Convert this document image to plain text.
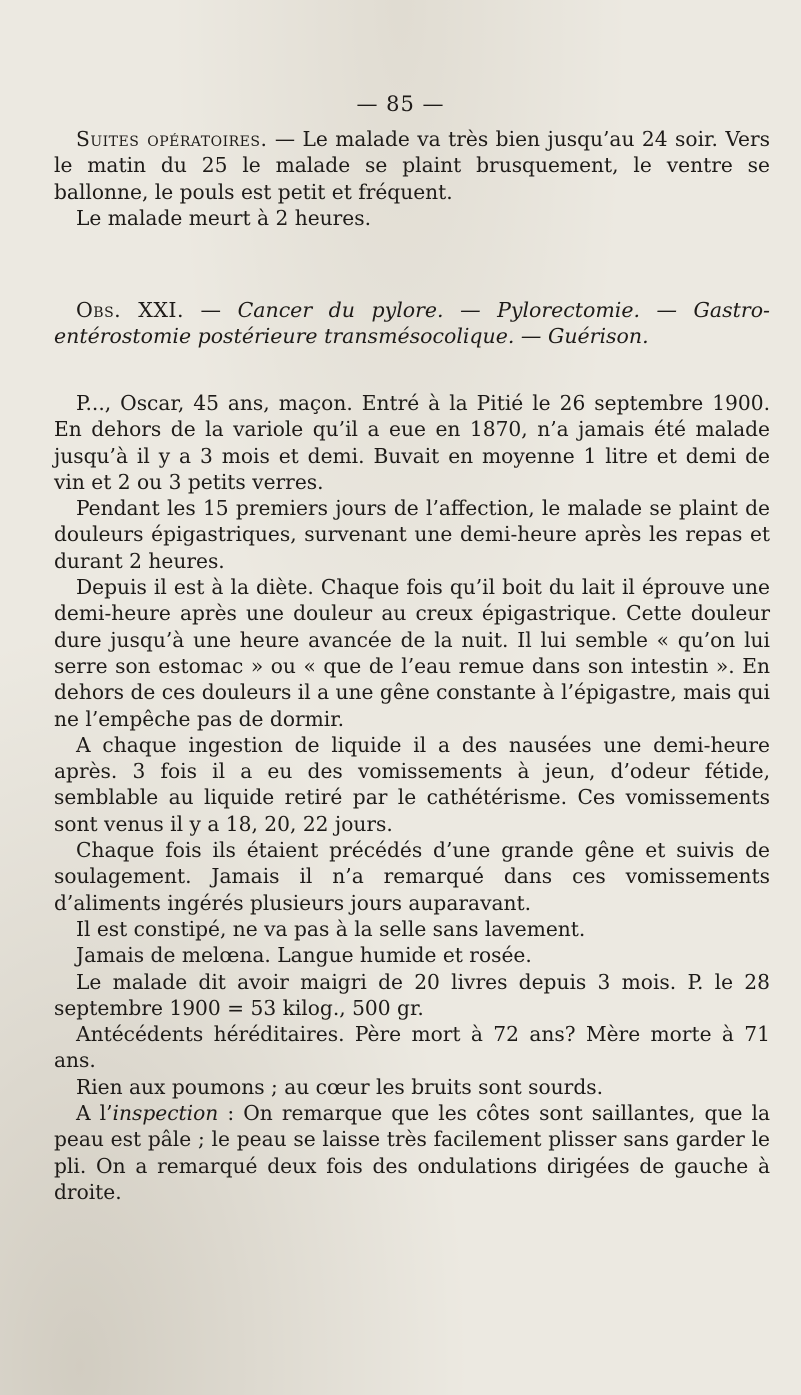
— 85 —

Suites opératoires. — Le malade va très bien jusqu’au 24 soir. Vers le matin du 25 le malade se plaint brusquement, le ventre se ballonne, le pouls est petit et fréquent.

Le malade meurt à 2 heures.

Obs. XXI. — Cancer du pylore. — Pylorectomie. — Gastro-entérostomie postérieure transmésocolique. — Guérison.

P..., Oscar, 45 ans, maçon. Entré à la Pitié le 26 septembre 1900. En dehors de la variole qu’il a eue en 1870, n’a jamais été malade jusqu’à il y a 3 mois et demi. Buvait en moyenne 1 litre et demi de vin et 2 ou 3 petits verres.

Pendant les 15 premiers jours de l’affection, le malade se plaint de douleurs épigastriques, survenant une demi-heure après les repas et durant 2 heures.

Depuis il est à la diète. Chaque fois qu’il boit du lait il éprouve une demi-heure après une douleur au creux épigastrique. Cette douleur dure jusqu’à une heure avancée de la nuit. Il lui semble « qu’on lui serre son estomac » ou « que de l’eau remue dans son intestin ». En dehors de ces douleurs il a une gêne constante à l’épigastre, mais qui ne l’empêche pas de dormir.

A chaque ingestion de liquide il a des nausées une demi-heure après. 3 fois il a eu des vomissements à jeun, d’odeur fétide, semblable au liquide retiré par le cathétérisme. Ces vomissements sont venus il y a 18, 20, 22 jours.

Chaque fois ils étaient précédés d’une grande gêne et suivis de soulagement. Jamais il n’a remarqué dans ces vomissements d’aliments ingérés plusieurs jours auparavant.

Il est constipé, ne va pas à la selle sans lavement.

Jamais de melœna. Langue humide et rosée.

Le malade dit avoir maigri de 20 livres depuis 3 mois. P. le 28 septembre 1900 = 53 kilog., 500 gr.

Antécédents héréditaires. Père mort à 72 ans? Mère morte à 71 ans.

Rien aux poumons ; au cœur les bruits sont sourds.

A l’inspection : On remarque que les côtes sont saillantes, que la peau est pâle ; le peau se laisse très facilement plisser sans garder le pli. On a remarqué deux fois des ondulations dirigées de gauche à droite.
